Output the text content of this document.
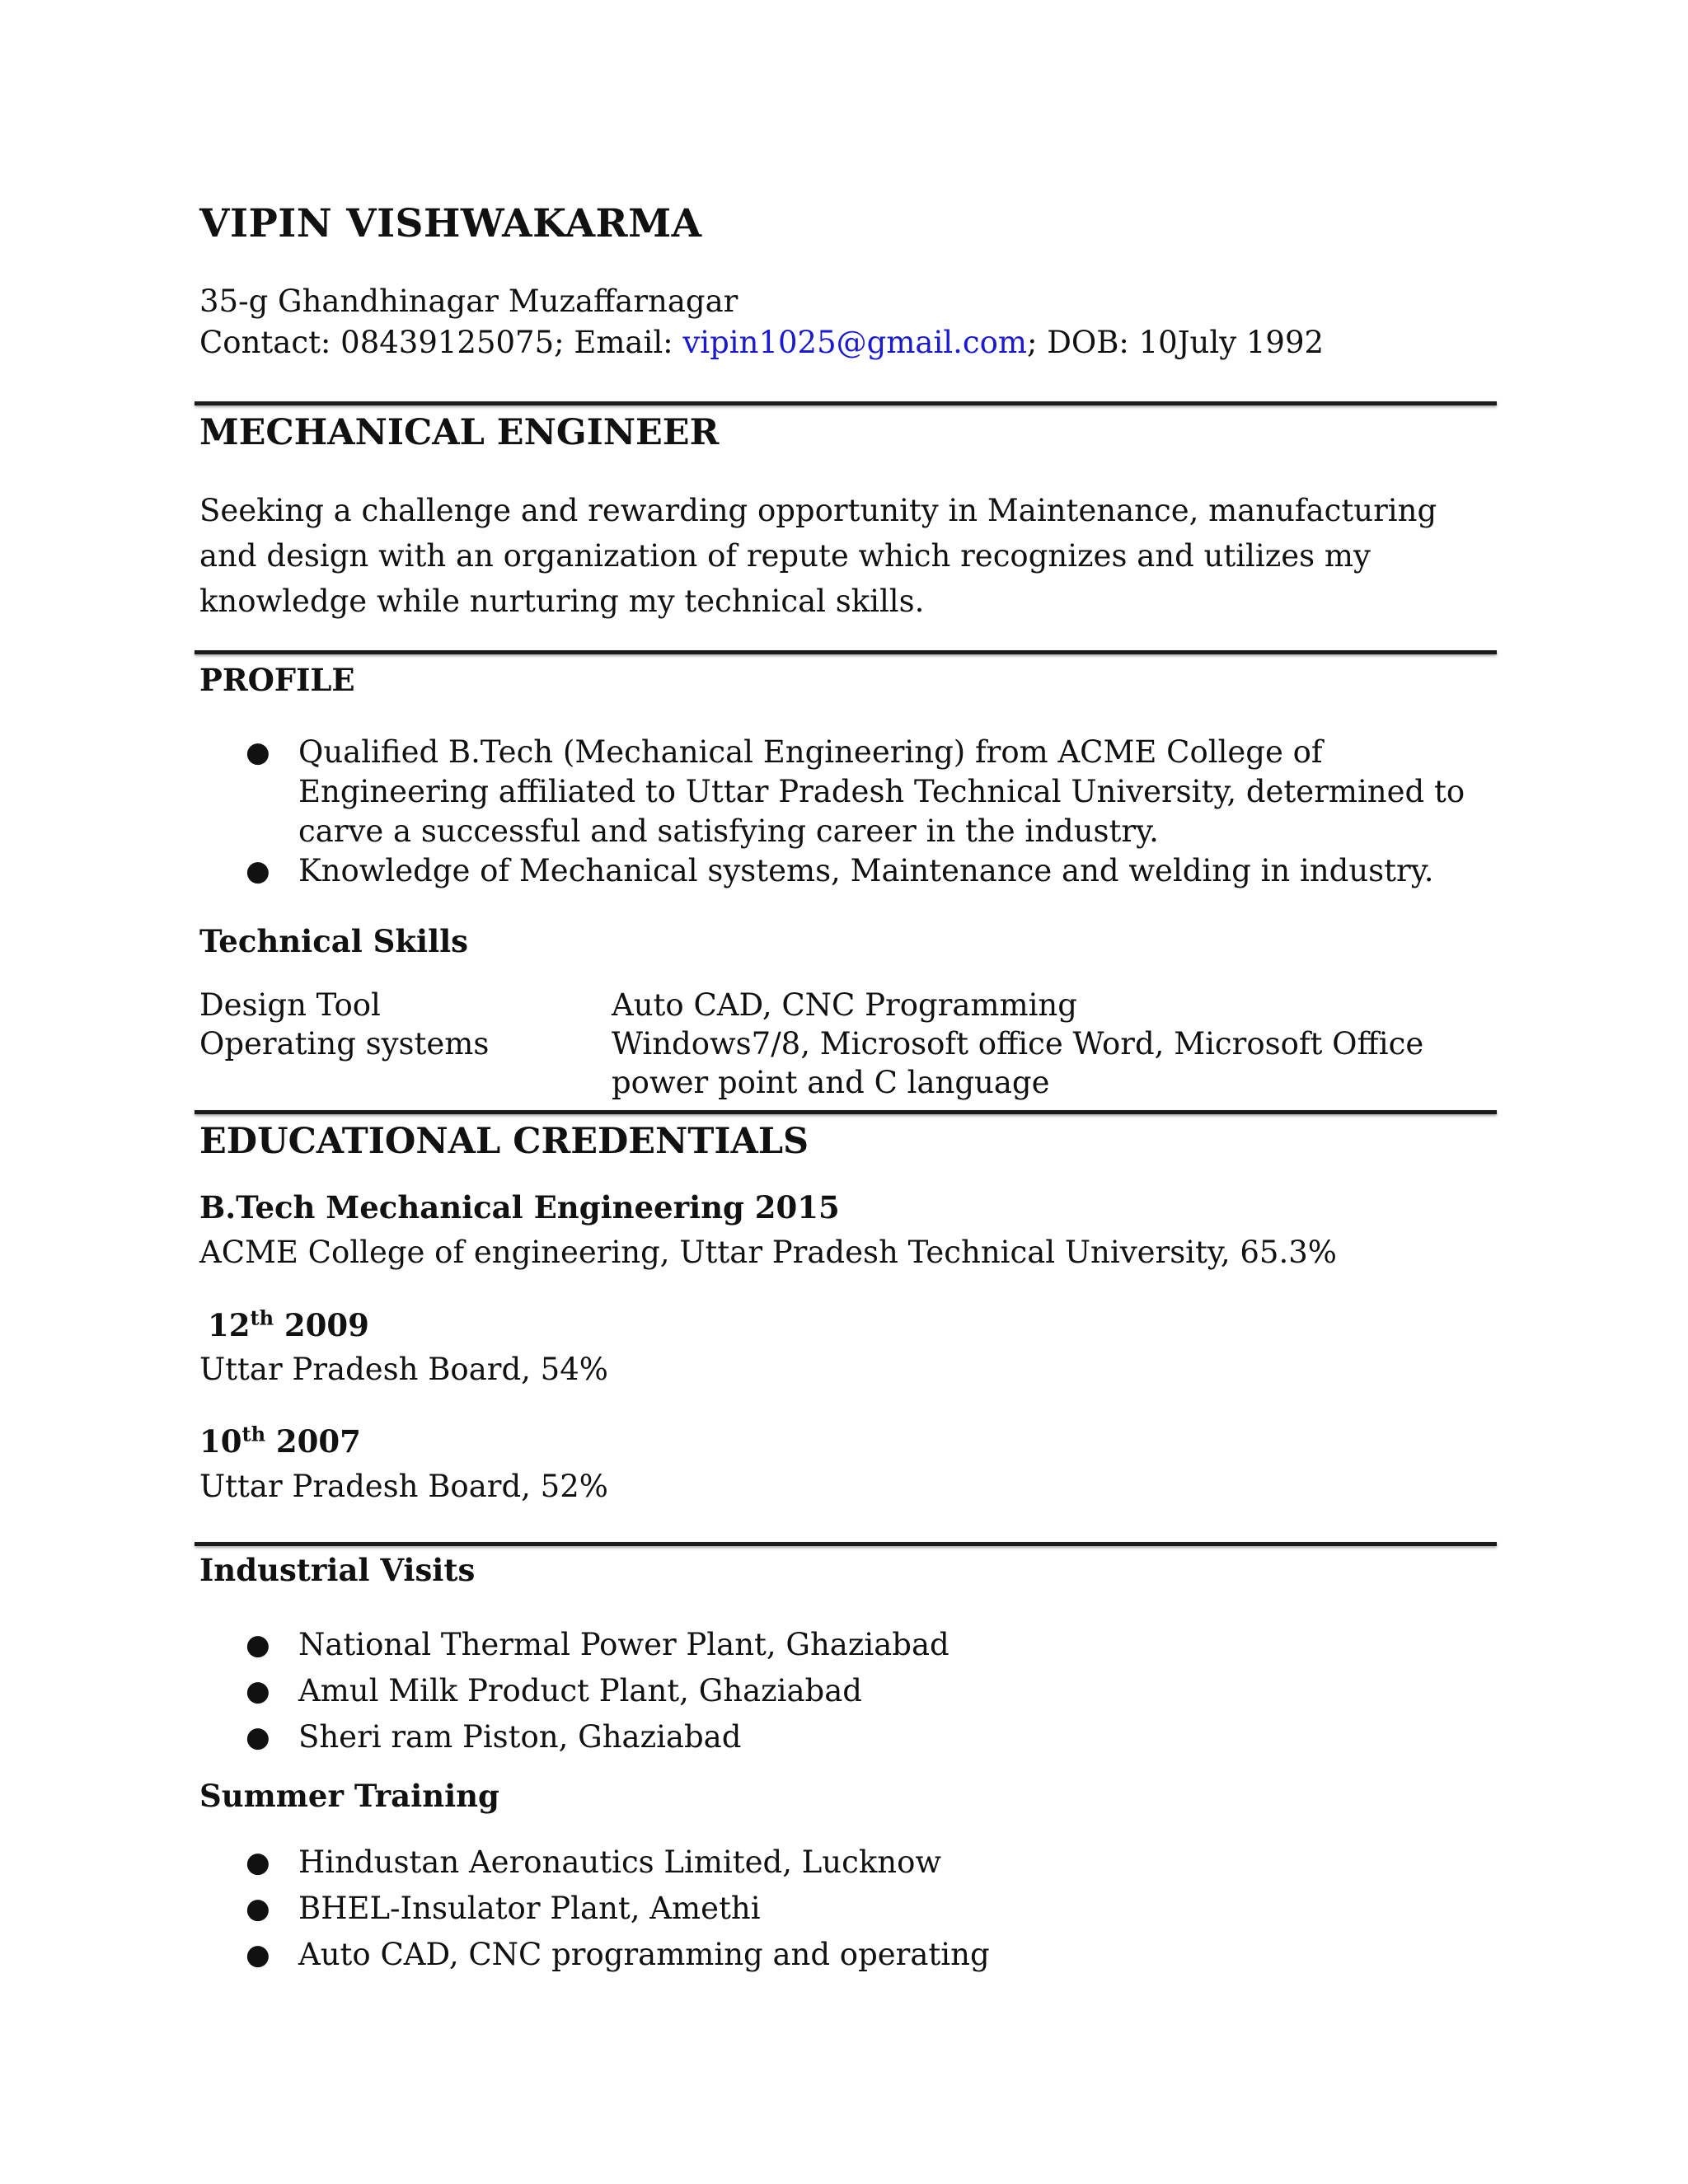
VIPIN VISHWAKARMA
35-g Ghandhinagar Muzaffarnagar
Contact: 08439125075; Email: vipin1025@gmail.com; DOB: 10July 1992
MECHANICAL ENGINEER
Seeking a challenge and rewarding opportunity in Maintenance, manufacturing and design with an organization of repute which recognizes and utilizes my knowledge while nurturing my technical skills.
PROFILE
● Qualified B.Tech (Mechanical Engineering) from ACME College of Engineering affiliated to Uttar Pradesh Technical University, determined to carve a successful and satisfying career in the industry.
● Knowledge of Mechanical systems, Maintenance and welding in industry.
Technical Skills
Design Tool	Auto CAD, CNC Programming
Operating systems	Windows7/8, Microsoft office Word, Microsoft Office power point and C language
EDUCATIONAL CREDENTIALS
B.Tech Mechanical Engineering 2015
ACME College of engineering, Uttar Pradesh Technical University, 65.3%
12th 2009
Uttar Pradesh Board, 54%
10th 2007
Uttar Pradesh Board, 52%
Industrial Visits
● National Thermal Power Plant, Ghaziabad
● Amul Milk Product Plant, Ghaziabad
● Sheri ram Piston, Ghaziabad
Summer Training
● Hindustan Aeronautics Limited, Lucknow
● BHEL-Insulator Plant, Amethi
● Auto CAD, CNC programming and operating
